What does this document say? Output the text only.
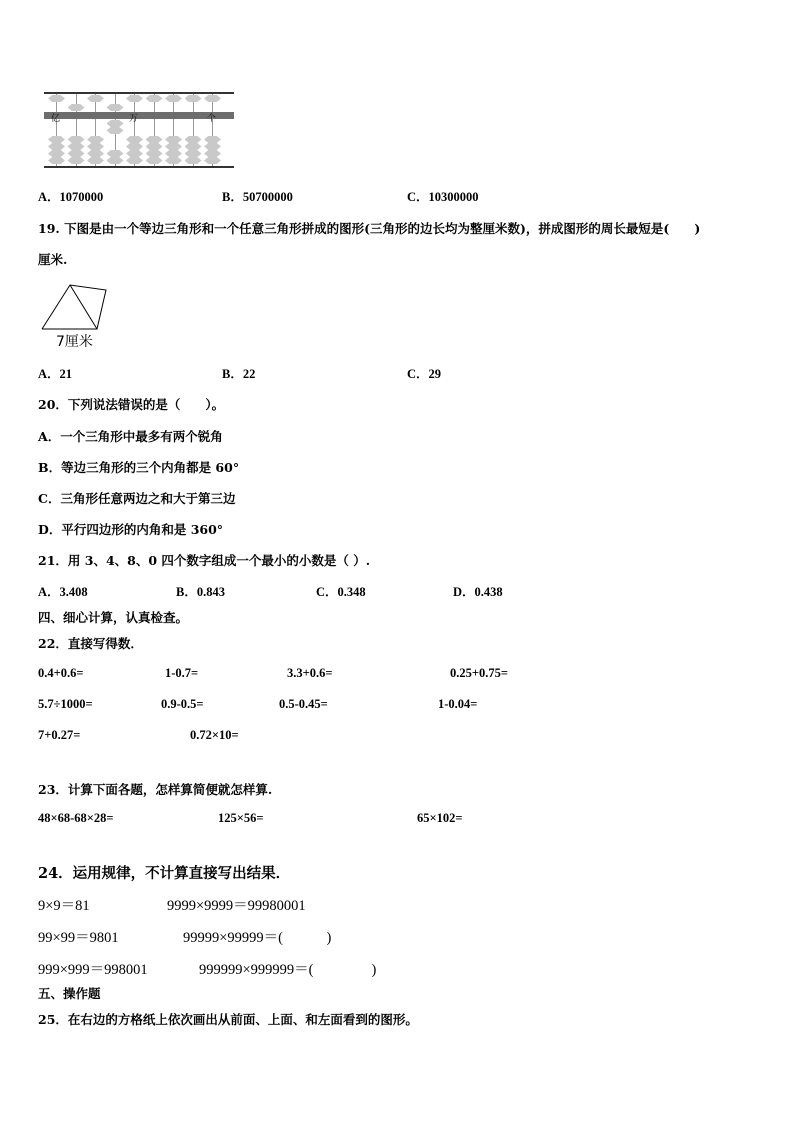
亿	万	个
A．1070000	B．50700000	C．10300000
19. 下图是由一个等边三角形和一个任意三角形拼成的图形(三角形的边长均为整厘米数)，拼成图形的周长最短是(　　)
厘米.
7厘米
A．21	B．22	C．29
20．下列说法错误的是（　　）。
A．一个三角形中最多有两个锐角
B．等边三角形的三个内角都是 60°
C．三角形任意两边之和大于第三边
D．平行四边形的内角和是 360°
21．用 3、4、8、0 四个数字组成一个最小的小数是（ ）.
A．3.408	B．0.843	C．0.348	D．0.438
四、细心计算，认真检查。
22．直接写得数．
0.4+0.6=	1-0.7=	3.3+0.6=	0.25+0.75=
5.7÷1000=	0.9-0.5=	0.5-0.45=	1-0.04=
7+0.27=	0.72×10=
23．计算下面各题，怎样算简便就怎样算.
48×68-68×28=	125×56=	65×102=
24．运用规律，不计算直接写出结果．
9×9＝81	9999×9999＝99980001
99×99＝9801	99999×99999＝(　　　)
999×999＝998001	999999×999999＝(　　　　)
五、操作题
25．在右边的方格纸上依次画出从前面、上面、和左面看到的图形。
